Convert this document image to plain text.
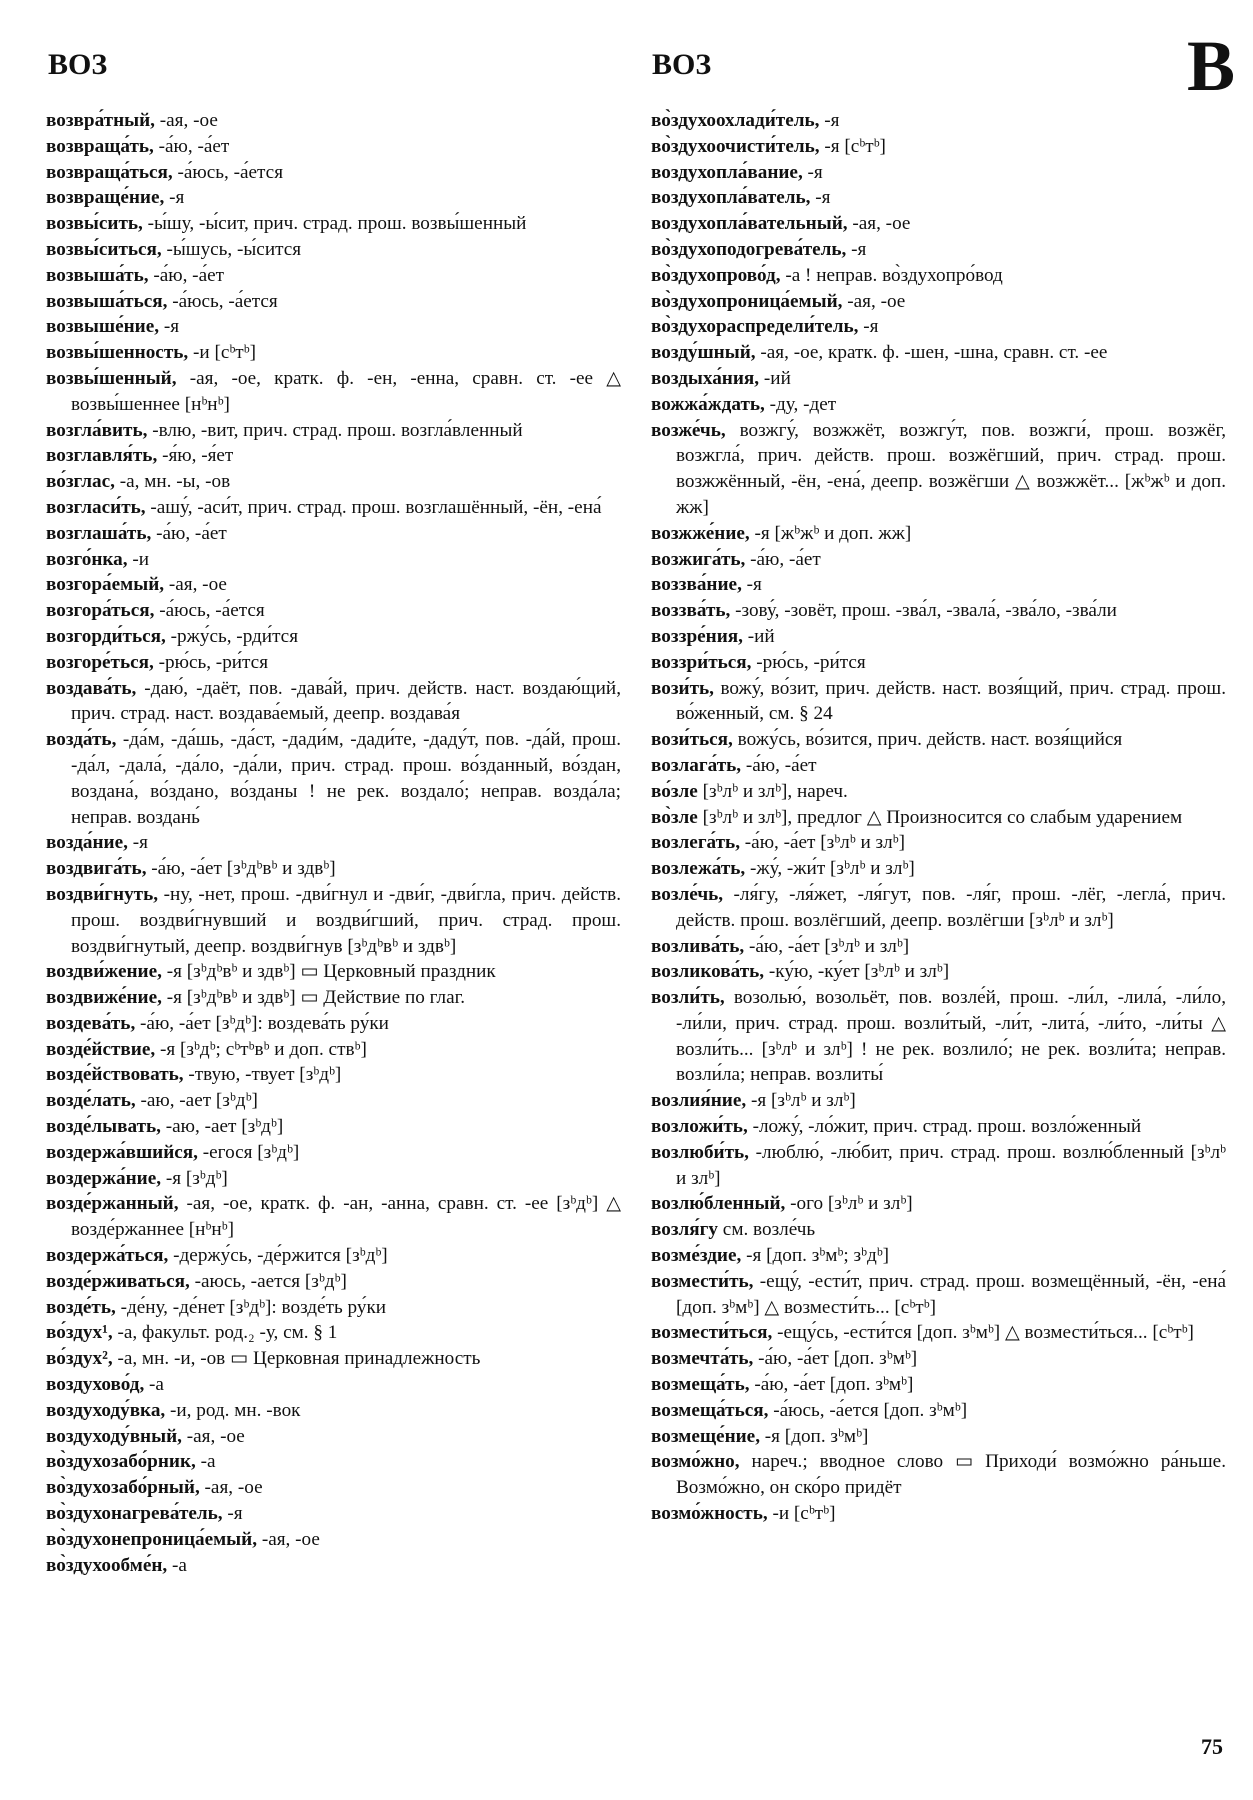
ВОЗ	ВОЗ	В

возвра́тный, -ая, -ое

возвраща́ть, -а́ю, -а́ет

возвраща́ться, -а́юсь, -а́ется

возвраще́ние, -я

возвы́сить, -ы́шу, -ы́сит, прич. страд. прош. возвы́шенный

возвы́ситься, -ы́шусь, -ы́сится

возвыша́ть, -а́ю, -а́ет

возвыша́ться, -а́юсь, -а́ется

возвыше́ние, -я

возвы́шенность, -и [сᵇтᵇ]

возвы́шенный, -ая, -ое, кратк. ф. -ен, -енна, сравн. ст. -ее △ возвы́шеннее [нᵇнᵇ]

возгла́вить, -влю, -вит, прич. страд. прош. возгла́вленный

возглавля́ть, -я́ю, -я́ет

во́зглас, -а, мн. -ы, -ов

возгласи́ть, -ашу́, -аси́т, прич. страд. прош. возглашённый, -ён, -ена́

возглаша́ть, -а́ю, -а́ет

возго́нка, -и

возгора́емый, -ая, -ое

возгора́ться, -а́юсь, -а́ется

возгорди́ться, -ржу́сь, -рди́тся

возгоре́ться, -рю́сь, -ри́тся

воздава́ть, -даю́, -даёт, пов. -дава́й, прич. действ. наст. воздаю́щий, прич. страд. наст. воздава́емый, деепр. воздава́я

возда́ть, -да́м, -да́шь, -да́ст, -дади́м, -дади́те, -даду́т, пов. -да́й, прош. -да́л, -дала́, -да́ло, -да́ли, прич. страд. прош. во́зданный, во́здан, воздана́, во́здано, во́зданы ! не рек. воздало́; неправ. возда́ла; неправ. воздань́

возда́ние, -я

воздвига́ть, -а́ю, -а́ет [зᵇдᵇвᵇ и здвᵇ]

воздви́гнуть, -ну, -нет, прош. -дви́гнул и -дви́г, -дви́гла, прич. действ. прош. воздви́гнувший и воздви́гший, прич. страд. прош. воздви́гнутый, деепр. воздви́гнув [зᵇдᵇвᵇ и здвᵇ]

воздви́жение, -я [зᵇдᵇвᵇ и здвᵇ] ▭ Церковный праздник

воздвиже́ние, -я [зᵇдᵇвᵇ и здвᵇ] ▭ Действие по глаг.

воздева́ть, -а́ю, -а́ет [зᵇдᵇ]: воздева́ть ру́ки

возде́йствие, -я [зᵇдᵇ; сᵇтᵇвᵇ и доп. ствᵇ]

возде́йствовать, -твую, -твует [зᵇдᵇ]

возде́лать, -аю, -ает [зᵇдᵇ]

возде́лывать, -аю, -ает [зᵇдᵇ]

воздержа́вшийся, -егося [зᵇдᵇ]

воздержа́ние, -я [зᵇдᵇ]

возде́ржанный, -ая, -ое, кратк. ф. -ан, -анна, сравн. ст. -ее [зᵇдᵇ] △ возде́ржаннее [нᵇнᵇ]

воздержа́ться, -держу́сь, -де́ржится [зᵇдᵇ]

возде́рживаться, -аюсь, -ается [зᵇдᵇ]

возде́ть, -де́ну, -де́нет [зᵇдᵇ]: возде́ть ру́ки

во́здух¹, -а, факульт. род.₂ -у, см. § 1

во́здух², -а, мн. -и, -ов ▭ Церковная принадлежность

воздухово́д, -а

воздуходу́вка, -и, род. мн. -вок

воздуходу́вный, -ая, -ое

во̀здухозабо́рник, -а

во̀здухозабо́рный, -ая, -ое

во̀здухонагрева́тель, -я

во̀здухонепроница́емый, -ая, -ое

во̀здухообме́н, -а

во̀здухоохлади́тель, -я

во̀здухоочисти́тель, -я [сᵇтᵇ]

воздухопла́вание, -я

воздухопла́ватель, -я

воздухопла́вательный, -ая, -ое

во̀здухоподогрева́тель, -я

во̀здухопрово́д, -а ! неправ. во̀здухопро́вод

во̀здухопроница́емый, -ая, -ое

во̀здухораспредели́тель, -я

возду́шный, -ая, -ое, кратк. ф. -шен, -шна, сравн. ст. -ее

воздыха́ния, -ий

вожжа́ждать, -ду, -дет

возже́чь, возжгу́, возжжёт, возжгу́т, пов. возжги́, прош. возжёг, возжгла́, прич. действ. прош. возжёгший, прич. страд. прош. возжжённый, -ён, -ена́, деепр. возжёгши △ возжжёт... [жᵇжᵇ и доп. жж]

возжже́ние, -я [жᵇжᵇ и доп. жж]

возжига́ть, -а́ю, -а́ет

воззва́ние, -я

воззва́ть, -зову́, -зовёт, прош. -зва́л, -звала́, -зва́ло, -зва́ли

воззре́ния, -ий

воззри́ться, -рю́сь, -ри́тся

вози́ть, вожу́, во́зит, прич. действ. наст. возя́щий, прич. страд. прош. во́женный, см. § 24

вози́ться, вожу́сь, во́зится, прич. действ. наст. возя́щийся

возлага́ть, -а́ю, -а́ет

во́зле [зᵇлᵇ и злᵇ], нареч.

во̀зле [зᵇлᵇ и злᵇ], предлог △ Произносится со слабым ударением

возлега́ть, -а́ю, -а́ет [зᵇлᵇ и злᵇ]

возлежа́ть, -жу́, -жи́т [зᵇлᵇ и злᵇ]

возле́чь, -ля́гу, -ля́жет, -ля́гут, пов. -ля́г, прош. -лёг, -легла́, прич. действ. прош. возлёгший, деепр. возлёгши [зᵇлᵇ и злᵇ]

возлива́ть, -а́ю, -а́ет [зᵇлᵇ и злᵇ]

возликова́ть, -ку́ю, -ку́ет [зᵇлᵇ и злᵇ]

возли́ть, возолью́, возольёт, пов. возле́й, прош. -ли́л, -лила́, -ли́ло, -ли́ли, прич. страд. прош. возли́тый, -ли́т, -лита́, -ли́то, -ли́ты △ возли́ть... [зᵇлᵇ и злᵇ] ! не рек. возлило́; не рек. возли́та; неправ. возли́ла; неправ. возлиты́

возлия́ние, -я [зᵇлᵇ и злᵇ]

возложи́ть, -ложу́, -ло́жит, прич. страд. прош. возло́женный

возлюби́ть, -люблю́, -лю́бит, прич. страд. прош. возлю́бленный [зᵇлᵇ и злᵇ]

возлю́бленный, -ого [зᵇлᵇ и злᵇ]

возля́гу см. возле́чь

возме́здие, -я [доп. зᵇмᵇ; зᵇдᵇ]

возмести́ть, -ещу́, -ести́т, прич. страд. прош. возмещённый, -ён, -ена́ [доп. зᵇмᵇ] △ возмести́ть... [сᵇтᵇ]

возмести́ться, -ещу́сь, -ести́тся [доп. зᵇмᵇ] △ возмести́ться... [сᵇтᵇ]

возмечта́ть, -а́ю, -а́ет [доп. зᵇмᵇ]

возмеща́ть, -а́ю, -а́ет [доп. зᵇмᵇ]

возмеща́ться, -а́юсь, -а́ется [доп. зᵇмᵇ]

возмеще́ние, -я [доп. зᵇмᵇ]

возмо́жно, нареч.; вводное слово ▭ Приходи́ возмо́жно ра́ньше. Возмо́жно, он ско́ро придёт

возмо́жность, -и [сᵇтᵇ]

75
